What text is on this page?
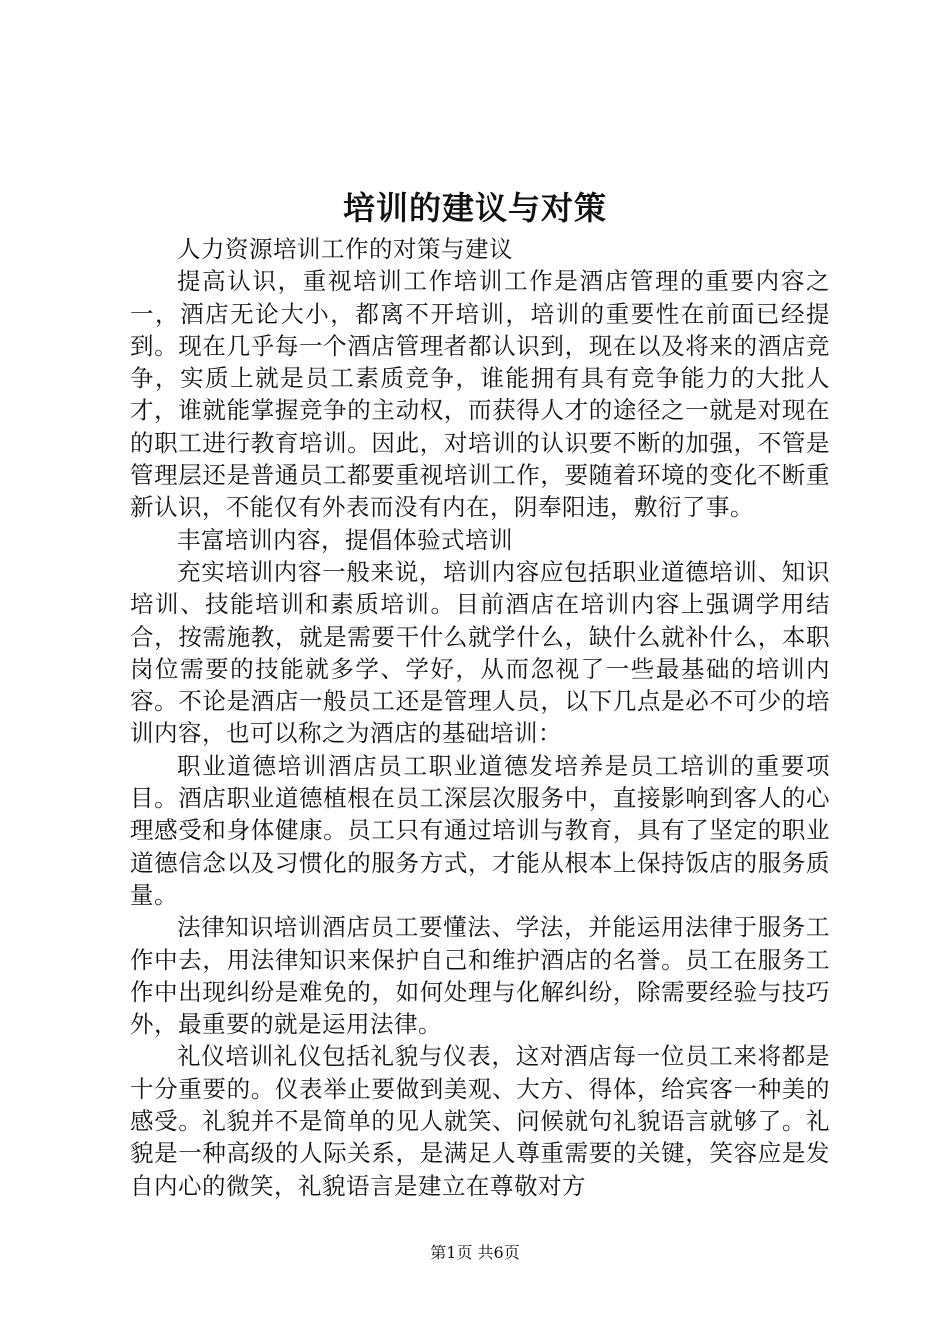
培训的建议与对策

人力资源培训工作的对策与建议

提高认识，重视培训工作培训工作是酒店管理的重要内容之一，酒店无论大小，都离不开培训，培训的重要性在前面已经提到。现在几乎每一个酒店管理者都认识到，现在以及将来的酒店竞争，实质上就是员工素质竞争，谁能拥有具有竞争能力的大批人才，谁就能掌握竞争的主动权，而获得人才的途径之一就是对现在的职工进行教育培训。因此，对培训的认识要不断的加强，不管是管理层还是普通员工都要重视培训工作，要随着环境的变化不断重新认识，不能仅有外表而没有内在，阴奉阳违，敷衍了事。

丰富培训内容，提倡体验式培训

充实培训内容一般来说，培训内容应包括职业道德培训、知识培训、技能培训和素质培训。目前酒店在培训内容上强调学用结合，按需施教，就是需要干什么就学什么，缺什么就补什么，本职岗位需要的技能就多学、学好，从而忽视了一些最基础的培训内容。不论是酒店一般员工还是管理人员，以下几点是必不可少的培训内容，也可以称之为酒店的基础培训：

职业道德培训酒店员工职业道德发培养是员工培训的重要项目。酒店职业道德植根在员工深层次服务中，直接影响到客人的心理感受和身体健康。员工只有通过培训与教育，具有了坚定的职业道德信念以及习惯化的服务方式，才能从根本上保持饭店的服务质量。

法律知识培训酒店员工要懂法、学法，并能运用法律于服务工作中去，用法律知识来保护自己和维护酒店的名誉。员工在服务工作中出现纠纷是难免的，如何处理与化解纠纷，除需要经验与技巧外，最重要的就是运用法律。

礼仪培训礼仪包括礼貌与仪表，这对酒店每一位员工来将都是十分重要的。仪表举止要做到美观、大方、得体，给宾客一种美的感受。礼貌并不是简单的见人就笑、问候就句礼貌语言就够了。礼貌是一种高级的人际关系，是满足人尊重需要的关键，笑容应是发自内心的微笑，礼貌语言是建立在尊敬对方

第1页 共6页
